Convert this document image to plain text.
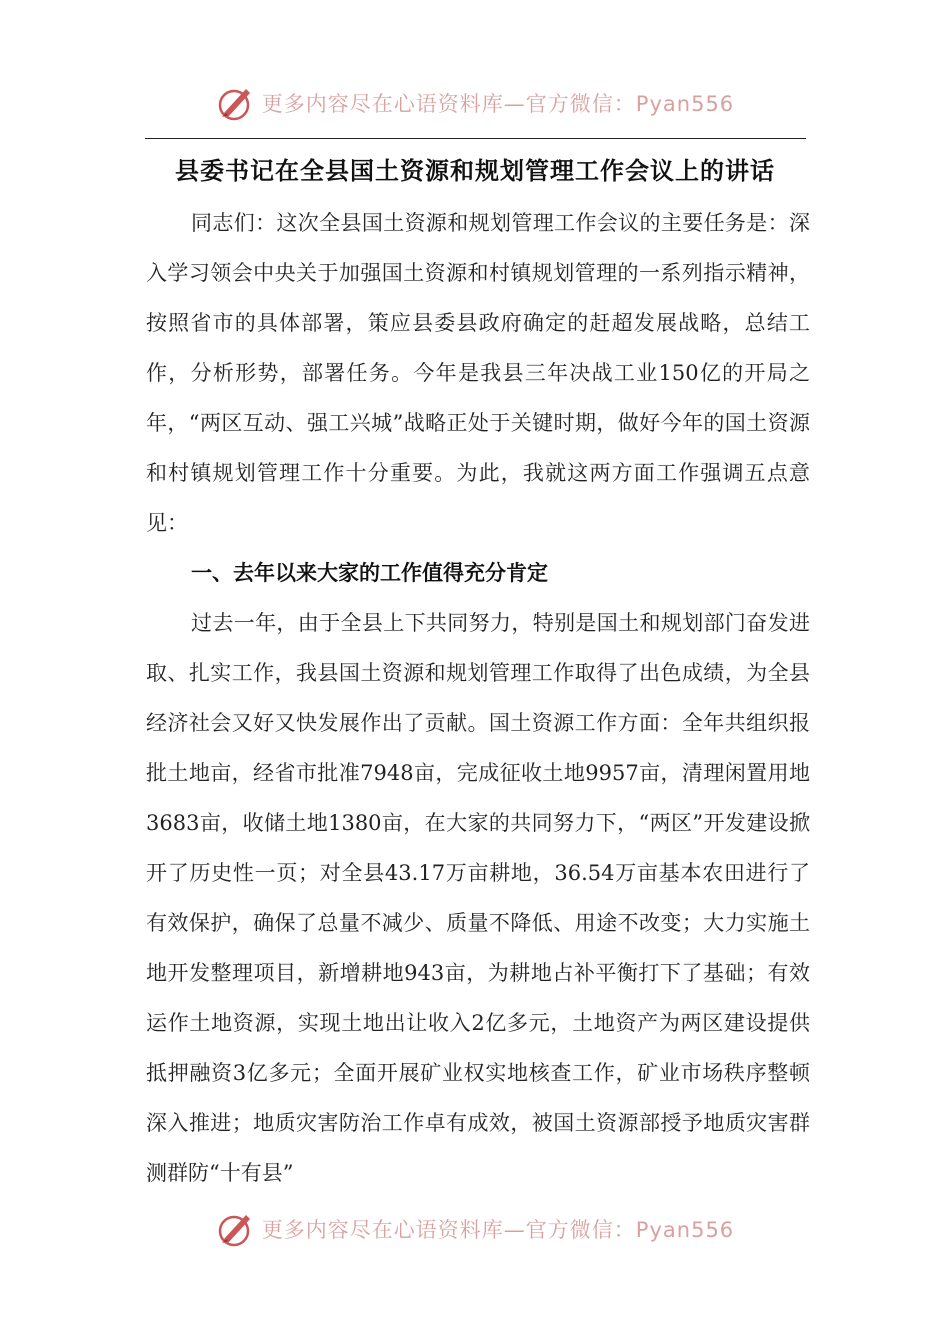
更多内容尽在心语资料库—官方微信：Pyan556
县委书记在全县国土资源和规划管理工作会议上的讲话

同志们：这次全县国土资源和规划管理工作会议的主要任务是：深入学习领会中央关于加强国土资源和村镇规划管理的一系列指示精神，按照省市的具体部署，策应县委县政府确定的赶超发展战略，总结工作，分析形势，部署任务。今年是我县三年决战工业150亿的开局之年，“两区互动、强工兴城”战略正处于关键时期，做好今年的国土资源和村镇规划管理工作十分重要。为此，我就这两方面工作强调五点意见：

一、去年以来大家的工作值得充分肯定

过去一年，由于全县上下共同努力，特别是国土和规划部门奋发进取、扎实工作，我县国土资源和规划管理工作取得了出色成绩，为全县经济社会又好又快发展作出了贡献。国土资源工作方面：全年共组织报批土地亩，经省市批准7948亩，完成征收土地9957亩，清理闲置用地3683亩，收储土地1380亩，在大家的共同努力下，“两区”开发建设掀开了历史性一页；对全县43.17万亩耕地，36.54万亩基本农田进行了有效保护，确保了总量不减少、质量不降低、用途不改变；大力实施土地开发整理项目，新增耕地943亩，为耕地占补平衡打下了基础；有效运作土地资源，实现土地出让收入2亿多元，土地资产为两区建设提供抵押融资3亿多元；全面开展矿业权实地核查工作，矿业市场秩序整顿深入推进；地质灾害防治工作卓有成效，被国土资源部授予地质灾害群测群防“十有县”

更多内容尽在心语资料库—官方微信：Pyan556
